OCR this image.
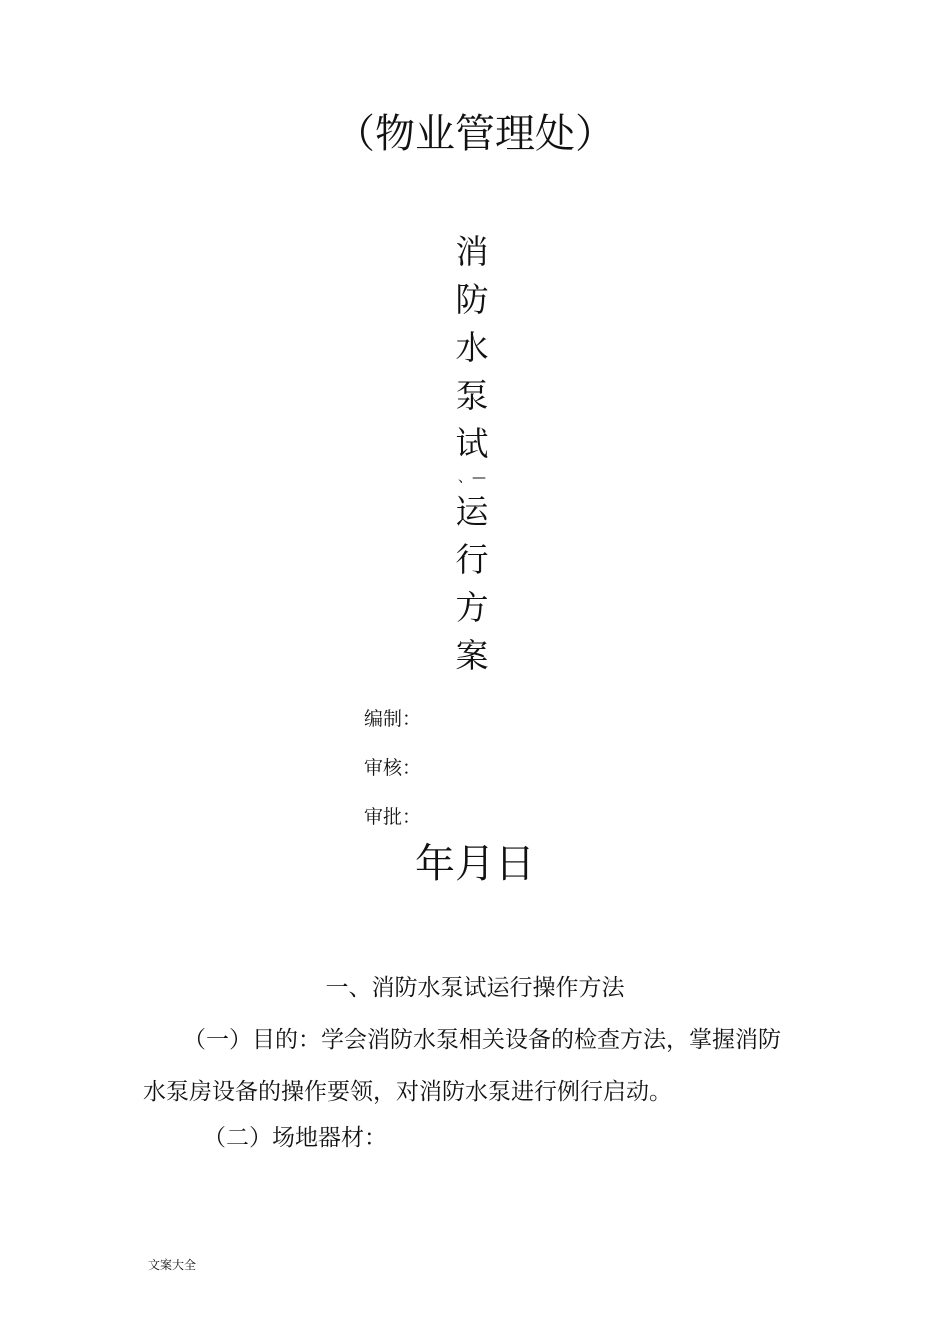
（物业管理处）
消
防
水
泵
试
、—
运
行
方
案
编制：
审核：
审批：
年月日
一、消防水泵试运行操作方法
（一）目的：学会消防水泵相关设备的检查方法，掌握消防水泵房设备的操作要领，对消防水泵进行例行启动。
（二）场地器材：
文案大全
